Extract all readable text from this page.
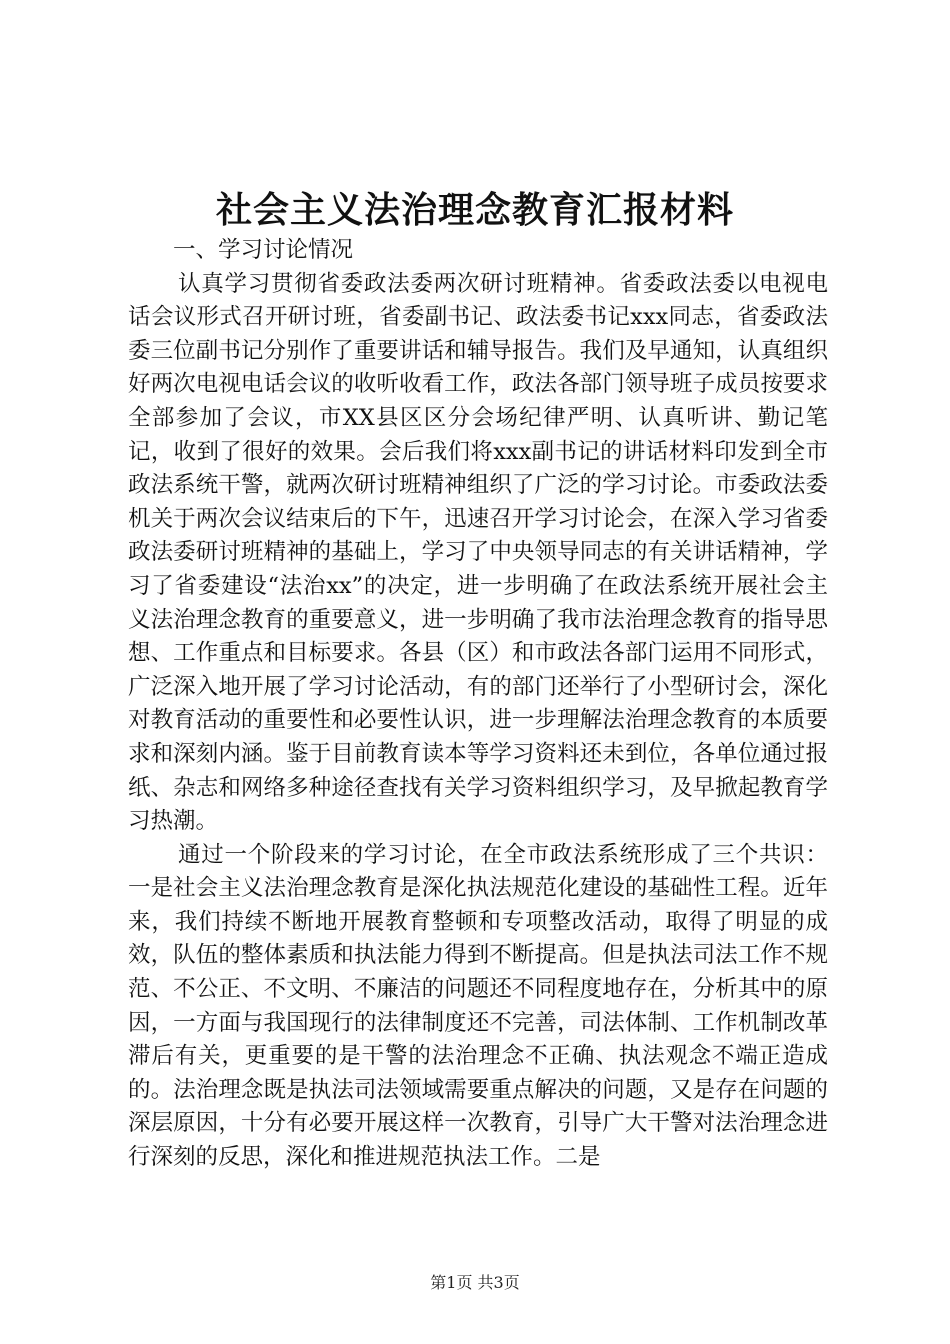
社会主义法治理念教育汇报材料

一、学习讨论情况

认真学习贯彻省委政法委两次研讨班精神。省委政法委以电视电话会议形式召开研讨班，省委副书记、政法委书记xxx同志，省委政法委三位副书记分别作了重要讲话和辅导报告。我们及早通知，认真组织好两次电视电话会议的收听收看工作，政法各部门领导班子成员按要求全部参加了会议，市XX县区区分会场纪律严明、认真听讲、勤记笔记，收到了很好的效果。会后我们将xxx副书记的讲话材料印发到全市政法系统干警，就两次研讨班精神组织了广泛的学习讨论。市委政法委机关于两次会议结束后的下午，迅速召开学习讨论会，在深入学习省委政法委研讨班精神的基础上，学习了中央领导同志的有关讲话精神，学习了省委建设“法治xx”的决定，进一步明确了在政法系统开展社会主义法治理念教育的重要意义，进一步明确了我市法治理念教育的指导思想、工作重点和目标要求。各县（区）和市政法各部门运用不同形式，广泛深入地开展了学习讨论活动，有的部门还举行了小型研讨会，深化对教育活动的重要性和必要性认识，进一步理解法治理念教育的本质要求和深刻内涵。鉴于目前教育读本等学习资料还未到位，各单位通过报纸、杂志和网络多种途径查找有关学习资料组织学习，及早掀起教育学习热潮。

通过一个阶段来的学习讨论，在全市政法系统形成了三个共识：一是社会主义法治理念教育是深化执法规范化建设的基础性工程。近年来，我们持续不断地开展教育整顿和专项整改活动，取得了明显的成效，队伍的整体素质和执法能力得到不断提高。但是执法司法工作不规范、不公正、不文明、不廉洁的问题还不同程度地存在，分析其中的原因，一方面与我国现行的法律制度还不完善，司法体制、工作机制改革滞后有关，更重要的是干警的法治理念不正确、执法观念不端正造成的。法治理念既是执法司法领域需要重点解决的问题，又是存在问题的深层原因，十分有必要开展这样一次教育，引导广大干警对法治理念进行深刻的反思，深化和推进规范执法工作。二是

第1页 共3页
